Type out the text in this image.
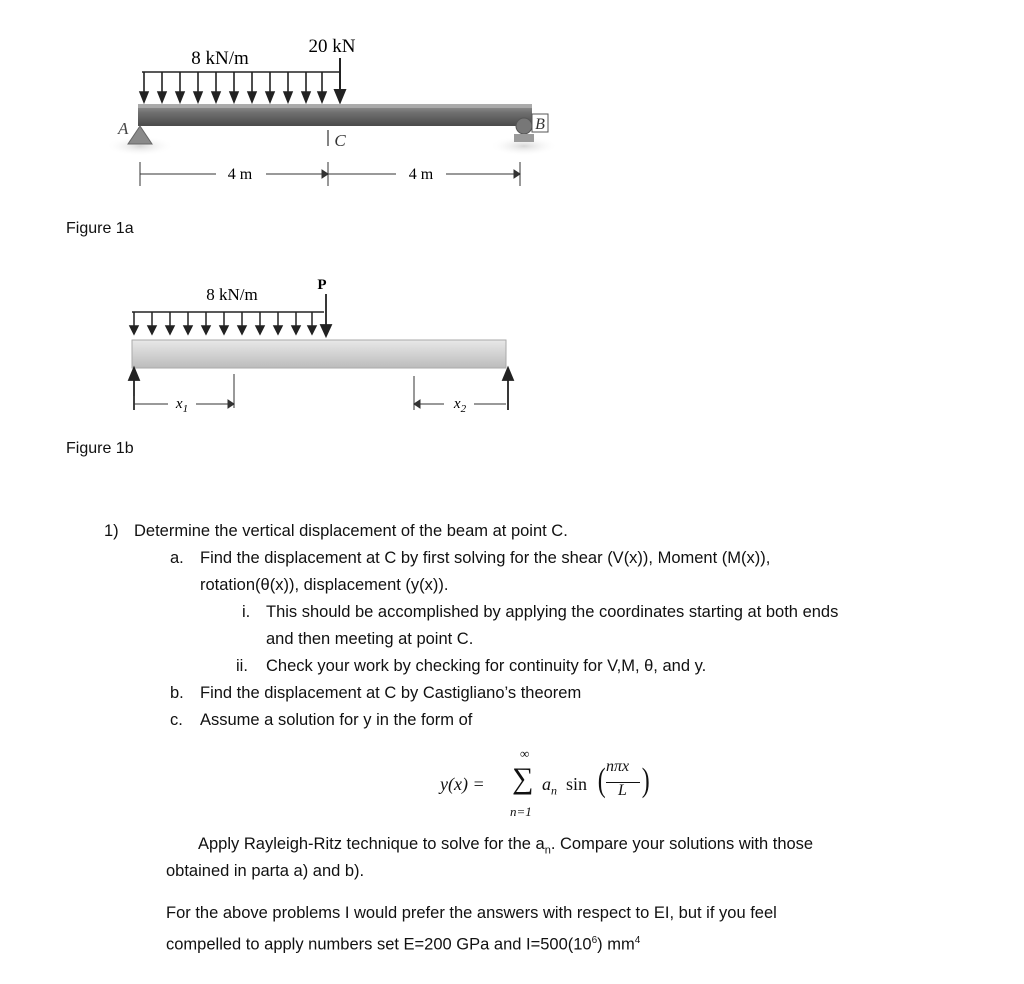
8 kN/m
20 kN
A	B
C
4 m	4 m
Figure 1a
8 kN/m	P
$x_1$	$x_2$
Figure 1b
1) Determine the vertical displacement of the beam at point C.
a. Find the displacement at C by first solving for the shear (V(x)), Moment (M(x)),
rotation(θ(x)), displacement (y(x)).
i. This should be accomplished by applying the coordinates starting at both ends
and then meeting at point C.
ii. Check your work by checking for continuity for V,M, θ, and y.
b. Find the displacement at C by Castigliano’s theorem
c. Assume a solution for y in the form of
y(x) =
∞
∑
n=1
$a_n$ sin ( nπx
L )
Apply Rayleigh-Ritz technique to solve for the $a_n$. Compare your solutions with those
obtained in parta a) and b).
For the above problems I would prefer the answers with respect to EI, but if you feel
compelled to apply numbers set E=200 GPa and $I=500(10^6)$ $mm^4$
